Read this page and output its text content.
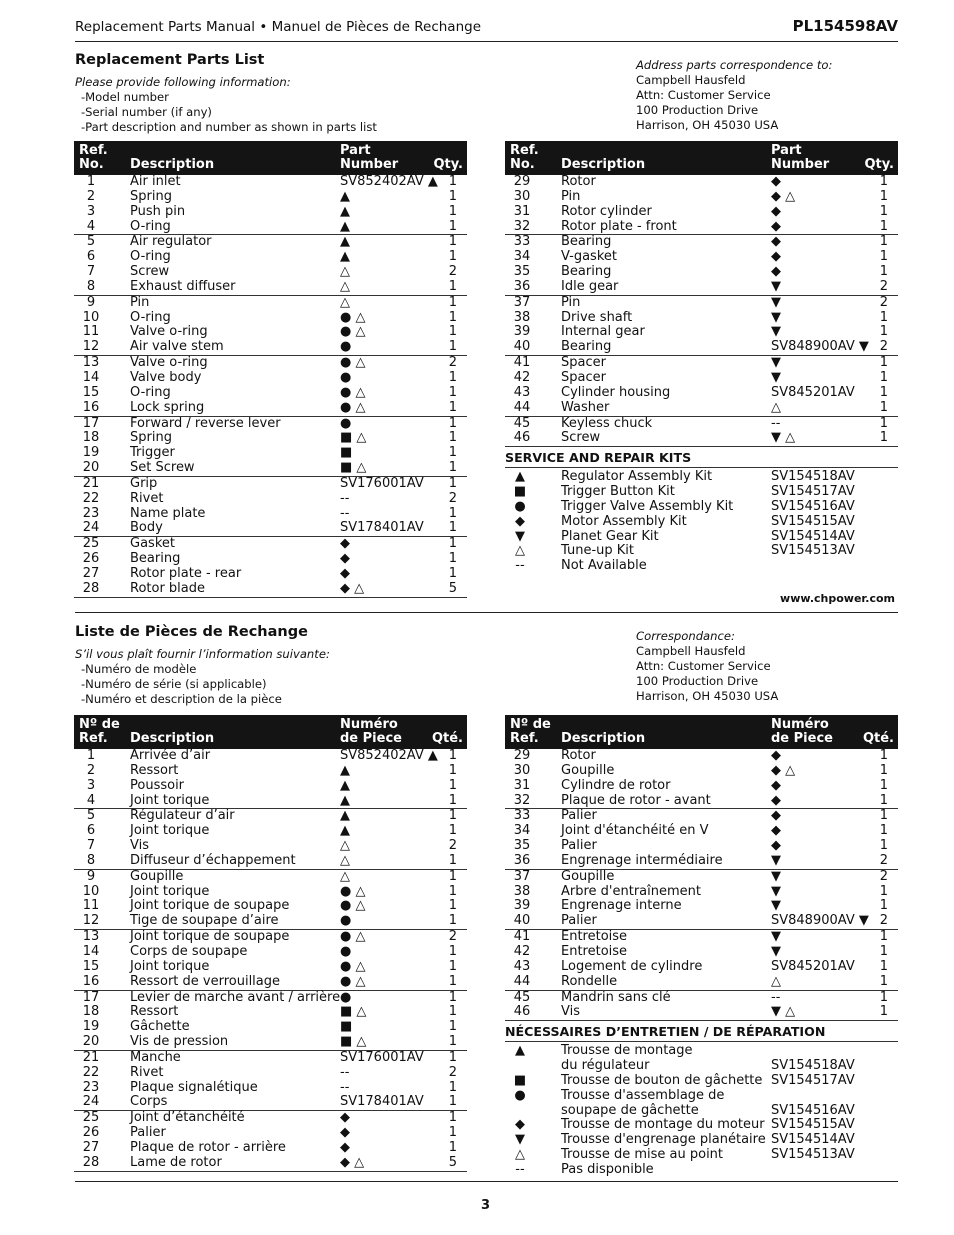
Replacement Parts Manual • Manuel de Pièces de Rechange	PL154598AV
Replacement Parts List
Please provide following information:
-Model number
-Serial number (if any)
-Part description and number as shown in parts list
Address parts correspondence to:
Campbell Hausfeld
Attn: Customer Service
100 Production Drive
Harrison, OH 45030 USA
Ref.
No.	Description
Part
Number	Qty.
1	Air inlet	SV852402AV ▲ 1
2	Spring	▲	1
3	Push pin	▲	1
4	O-ring	▲	1
5	Air regulator	▲	1
6	O-ring	▲	1
7	Screw	△	2
8	Exhaust diffuser	△	1
9	Pin	△	1
10	O-ring	● △	1
11	Valve o-ring	● △	1
12	Air valve stem	●	1
13	Valve o-ring	● △	2
14	Valve body	●	1
15	O-ring	● △	1
16	Lock spring	● △	1
17	Forward / reverse lever	●	1
18	Spring	■ △	1
19	Trigger	■	1
20	Set Screw	■ △	1
21	Grip	SV176001AV 1
22	Rivet	--	2
23	Name plate	--	1
24	Body	SV178401AV 1
25	Gasket	◆	1
26	Bearing	◆	1
27	Rotor plate - rear	◆	1
28	Rotor blade	◆ △	5
Ref.
No.	Description
Part
Number	Qty.
29	Rotor	◆	1
30	Pin	◆ △	1
31	Rotor cylinder	◆	1
32	Rotor plate - front	◆	1
33	Bearing	◆	1
34	V-gasket	◆	1
35	Bearing	◆	1
36	Idle gear	▼	2
37	Pin	▼	2
38	Drive shaft	▼	1
39	Internal gear	▼	1
40	Bearing	SV848900AV ▼ 2
41	Spacer	▼	1
42	Spacer	▼	1
43	Cylinder housing	SV845201AV 1
44	Washer	△	1
45	Keyless chuck	--	1
46	Screw	▼ △	1
SERVICE AND REPAIR KITS
▲	Regulator Assembly Kit	SV154518AV
■	Trigger Button Kit	SV154517AV
●	Trigger Valve Assembly Kit	SV154516AV
◆	Motor Assembly Kit	SV154515AV
▼	Planet Gear Kit	SV154514AV
△	Tune-up Kit	SV154513AV
--	Not Available
www.chpower.com
Liste de Pièces de Rechange
S’il vous plaît fournir l’information suivante:
-Numéro de modèle
-Numéro de série (si applicable)
-Numéro et description de la pièce
Correspondance:
Campbell Hausfeld
Attn: Customer Service
100 Production Drive
Harrison, OH 45030 USA
Nº de
Ref.	Description
Numéro
de Piece Qté.
1	Arrivée d’air	SV852402AV ▲ 1
2	Ressort	▲	1
3	Poussoir	▲	1
4	Joint torique	▲	1
5	Régulateur d’air	▲	1
6	Joint torique	▲	1
7	Vis	△	2
8	Diffuseur d’échappement	△	1
9	Goupille	△	1
10	Joint torique	● △	1
11	Joint torique de soupape	● △	1
12	Tige de soupape d’aire	●	1
13	Joint torique de soupape	● △	2
14	Corps de soupape	●	1
15	Joint torique	● △	1
16	Ressort de verrouillage	● △	1
17	Levier de marche avant / arrière ●	1
18	Ressort	■ △	1
19	Gâchette	■	1
20	Vis de pression	■ △	1
21	Manche	SV176001AV 1
22	Rivet	--	2
23	Plaque signalétique	--	1
24	Corps	SV178401AV 1
25	Joint d’étanchéité	◆	1
26	Palier	◆	1
27	Plaque de rotor - arrière	◆	1
28	Lame de rotor	◆ △	5
Nº de
Ref.	Description
Numéro
de Piece Qté.
29	Rotor	◆	1
30	Goupille	◆ △	1
31	Cylindre de rotor	◆	1
32	Plaque de rotor - avant	◆	1
33	Palier	◆	1
34	Joint d'étanchéité en V	◆	1
35	Palier	◆	1
36	Engrenage intermédiaire	▼	2
37	Goupille	▼	2
38	Arbre d'entraînement	▼	1
39	Engrenage interne	▼	1
40	Palier	SV848900AV ▼ 2
41	Entretoise	▼	1
42	Entretoise	▼	1
43	Logement de cylindre	SV845201AV 1
44	Rondelle	△	1
45	Mandrin sans clé	--	1
46	Vis	▼ △	1
NÉCESSAIRES D’ENTRETIEN / DE RÉPARATION
▲	Trousse de montage
du régulateur	SV154518AV
■	Trousse de bouton de gâchette SV154517AV
●	Trousse d'assemblage de
soupape de gâchette	SV154516AV
◆	Trousse de montage du moteur SV154515AV
▼	Trousse d'engrenage planétaire SV154514AV
△	Trousse de mise au point	SV154513AV
--	Pas disponible
3
